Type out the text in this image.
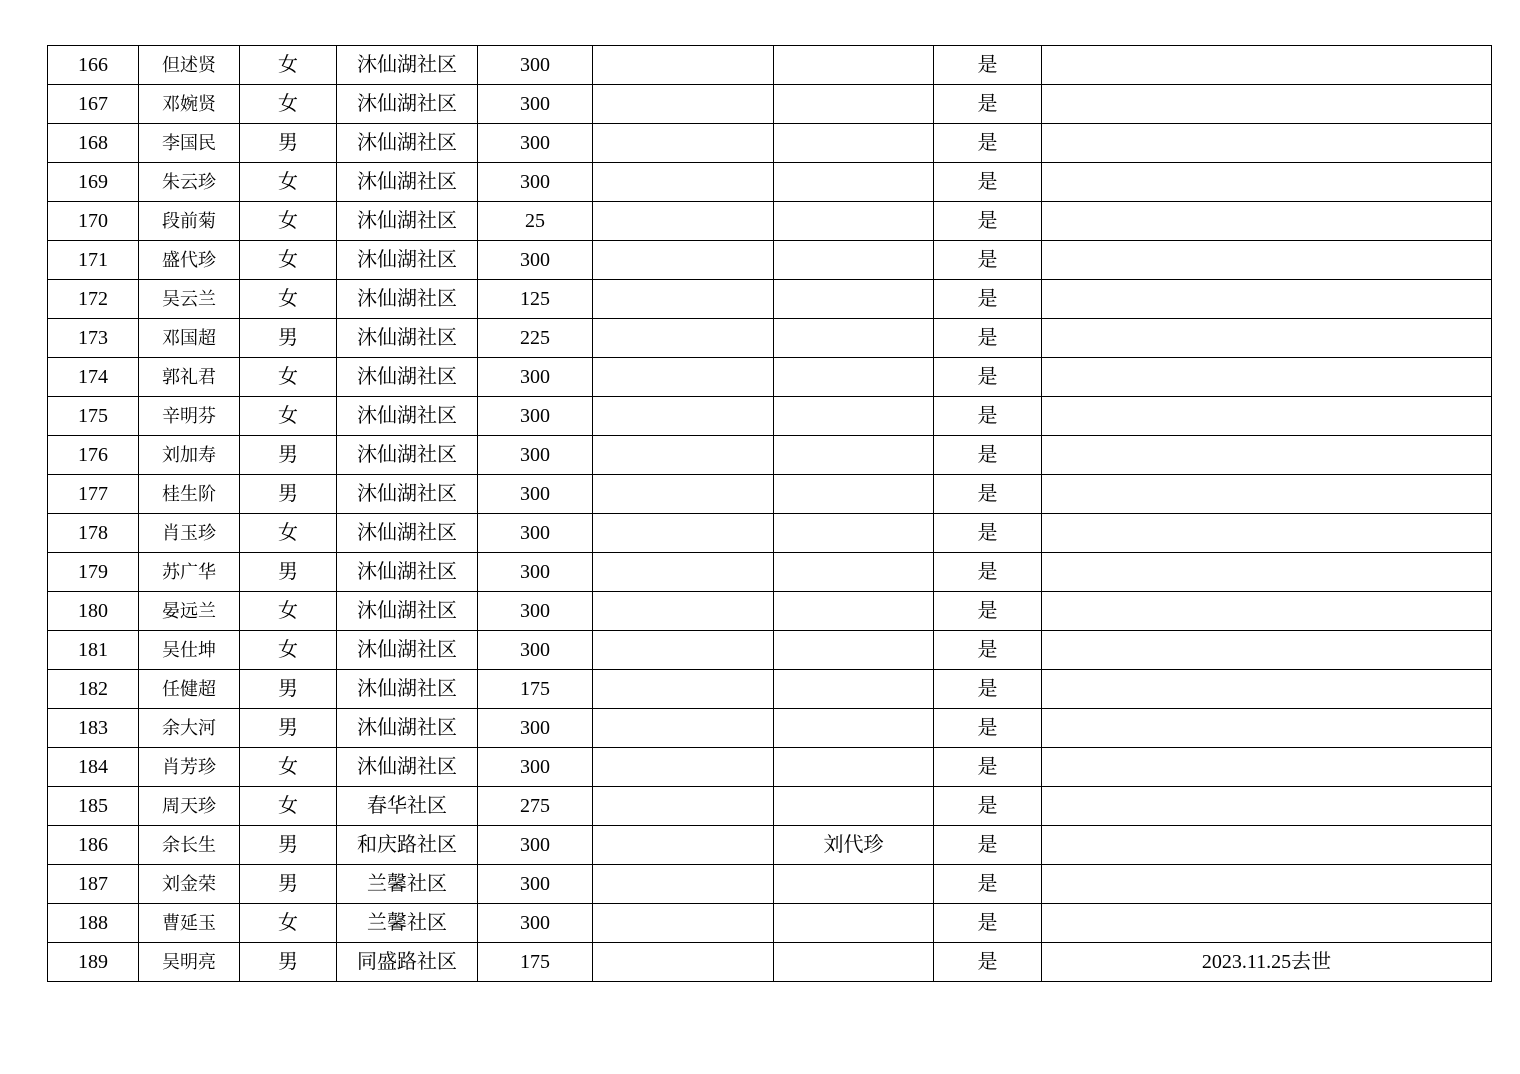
166	但述贤	女	沐仙湖社区	300			是	
167	邓婉贤	女	沐仙湖社区	300			是	
168	李国民	男	沐仙湖社区	300			是	
169	朱云珍	女	沐仙湖社区	300			是	
170	段前菊	女	沐仙湖社区	25			是	
171	盛代珍	女	沐仙湖社区	300			是	
172	吴云兰	女	沐仙湖社区	125			是	
173	邓国超	男	沐仙湖社区	225			是	
174	郭礼君	女	沐仙湖社区	300			是	
175	辛明芬	女	沐仙湖社区	300			是	
176	刘加寿	男	沐仙湖社区	300			是	
177	桂生阶	男	沐仙湖社区	300			是	
178	肖玉珍	女	沐仙湖社区	300			是	
179	苏广华	男	沐仙湖社区	300			是	
180	晏远兰	女	沐仙湖社区	300			是	
181	吴仕坤	女	沐仙湖社区	300			是	
182	任健超	男	沐仙湖社区	175			是	
183	余大河	男	沐仙湖社区	300			是	
184	肖芳珍	女	沐仙湖社区	300			是	
185	周天珍	女	春华社区	275			是	
186	余长生	男	和庆路社区	300		刘代珍	是	
187	刘金荣	男	兰馨社区	300			是	
188	曹延玉	女	兰馨社区	300			是	
189	吴明亮	男	同盛路社区	175			是	2023.11.25去世
